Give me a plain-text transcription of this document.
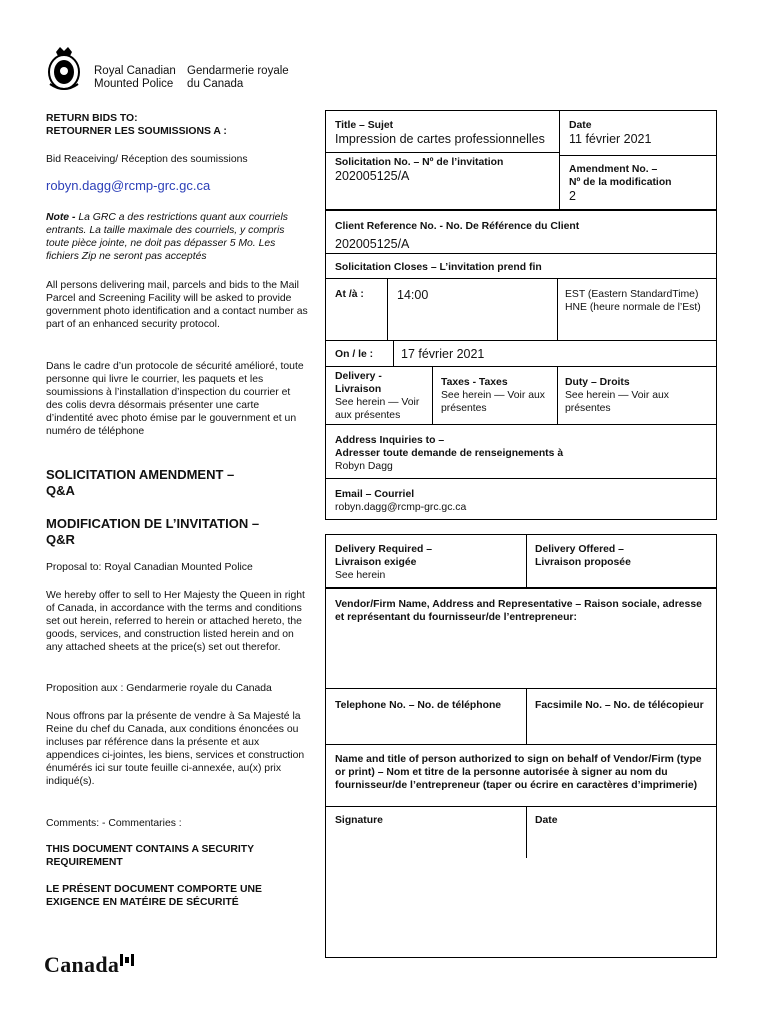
Royal Canadian
Mounted Police

Gendarmerie royale
du Canada
RETURN BIDS TO:
RETOURNER LES SOUMISSIONS A :
Bid Reaceiving/ Réception des soumissions
robyn.dagg@rcmp-grc.gc.ca
Note - La GRC a des restrictions quant aux courriels entrants. La taille maximale des courriels, y compris toute pièce jointe, ne doit pas dépasser 5 Mo. Les fichiers Zip ne seront pas acceptés
All persons delivering mail, parcels and bids to the Mail Parcel and Screening Facility will be asked to provide government photo identification and a contact number as part of an enhanced security protocol.
Dans le cadre d’un protocole de sécurité amélioré, toute personne qui livre le courrier, les paquets et les soumissions à l’installation d’inspection du courrier et des colis devra désormais présenter une carte d’indentité avec photo émise par le gouvernment et un numéro de téléphone
SOLICITATION AMENDMENT –
Q&A
MODIFICATION DE L’INVITATION –
Q&R
Proposal to: Royal Canadian Mounted Police
We hereby offer to sell to Her Majesty the Queen in right of Canada, in accordance with the terms and conditions set out herein, referred to herein or attached hereto, the goods, services, and construction listed herein and on any attached sheets at the price(s) set out therefor.
Proposition aux : Gendarmerie royale du Canada
Nous offrons par la présente de vendre à Sa Majesté la Reine du chef du Canada, aux conditions énoncées ou incluses par référence dans la présente et aux appendices ci-jointes, les biens, services et construction énumérés ici sur toute feuille ci-annexée, au(x) prix indiqué(s).
Comments: - Commentaries :
THIS DOCUMENT CONTAINS A SECURITY REQUIREMENT
LE PRÉSENT DOCUMENT COMPORTE UNE EXIGENCE EN MATÉIRE DE SÉCURITÉ
Title – Sujet
Impression de cartes professionnelles
Date
11 février 2021
Solicitation No. – Nº de l’invitation
202005125/A	Amendment No. –
Nº de la modification
2
Client Reference No. - No. De Référence du Client
202005125/A
Solicitation Closes – L’invitation prend fin
At /à :	14:00	EST (Eastern StandardTime) HNE (heure normale de l’Est)
On / le :	17 février 2021
Delivery - Livraison
See herein — Voir aux présentes
Taxes - Taxes
See herein — Voir aux présentes
Duty – Droits
See herein — Voir aux présentes
Address Inquiries to –
Adresser toute demande de renseignements à
Robyn Dagg
Email – Courriel
robyn.dagg@rcmp-grc.gc.ca
Delivery Required –
Livraison exigée
See herein
Delivery Offered –
Livraison proposée
Vendor/Firm Name, Address and Representative – Raison sociale, adresse et représentant du fournisseur/de l’entrepreneur:
Telephone No. – No. de téléphone	Facsimile No. – No. de télécopieur
Name and title of person authorized to sign on behalf of Vendor/Firm (type or print) – Nom et titre de la personne autorisée à signer au nom du fournisseur/de l’entrepreneur (taper ou écrire en caractères d’imprimerie)
Signature	Date
Canada
